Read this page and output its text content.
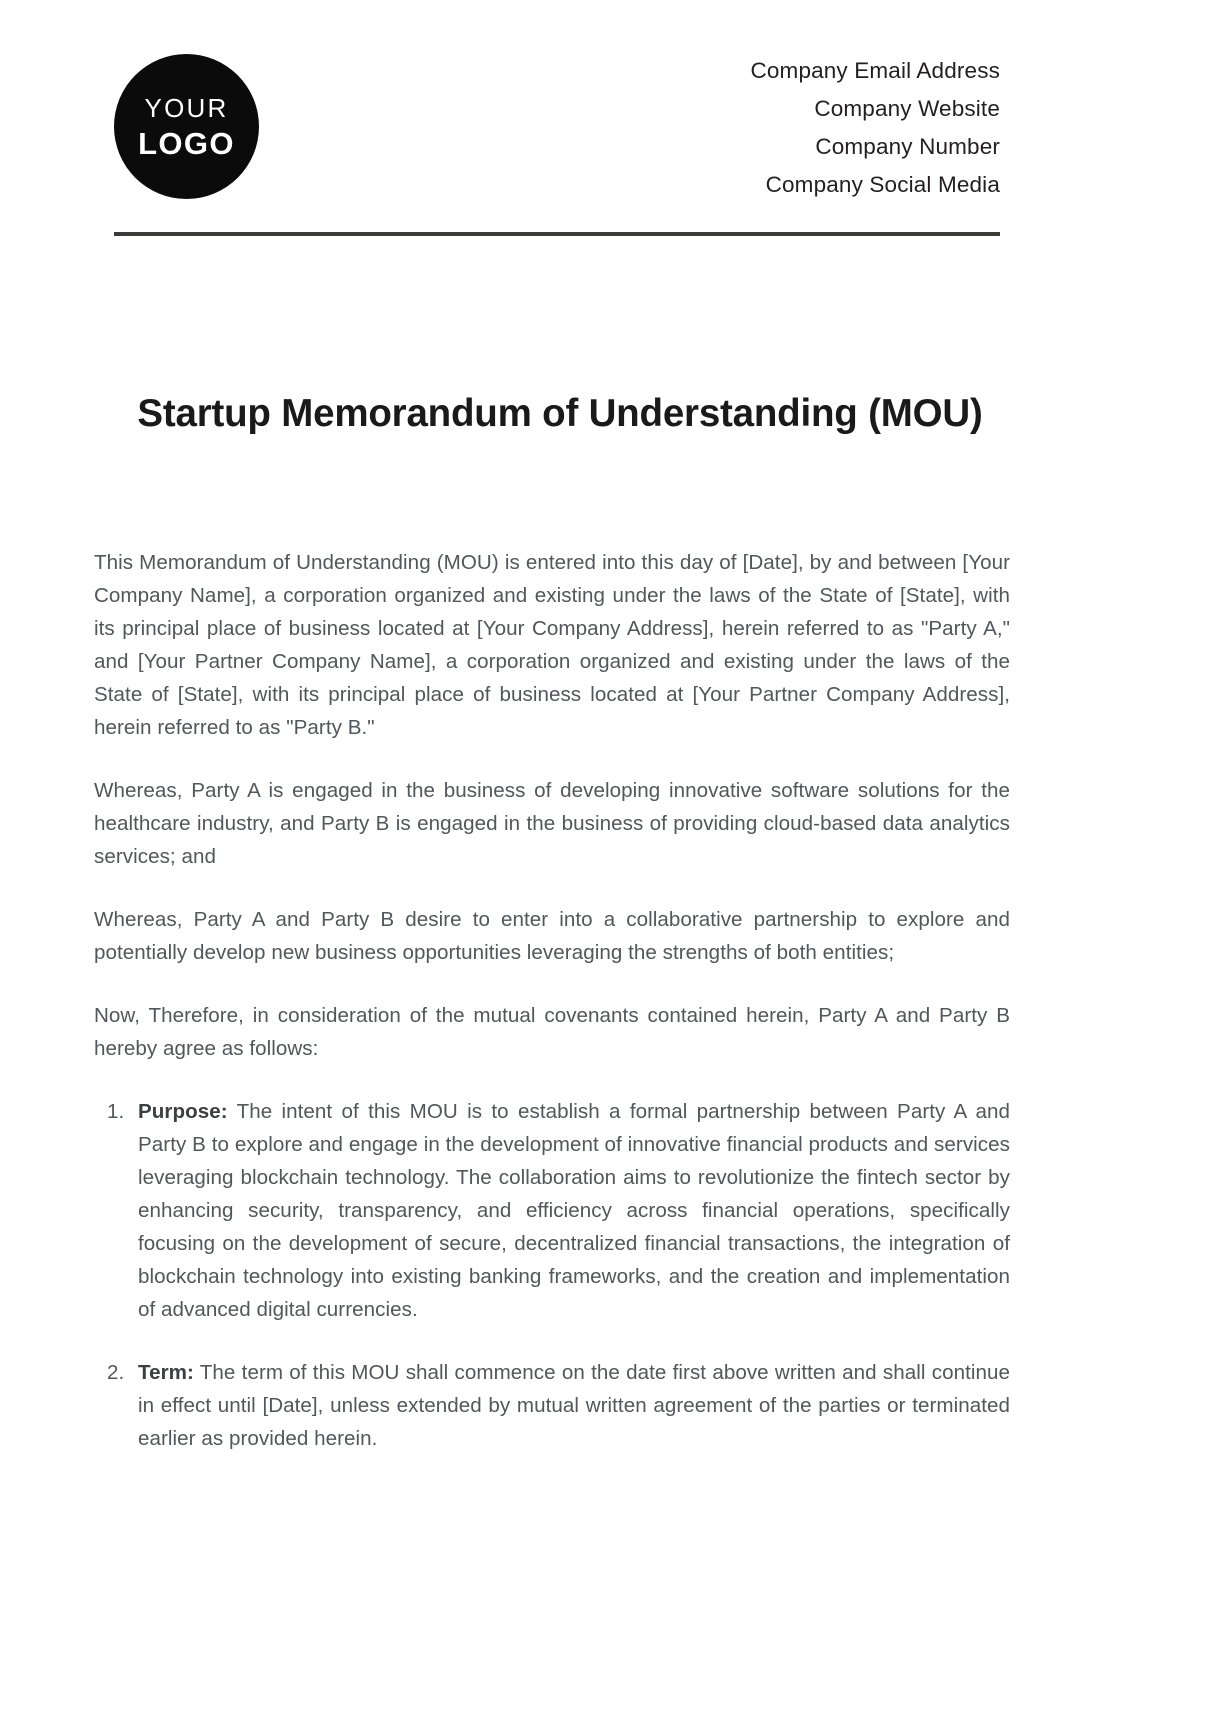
YOUR
LOGO
Company Email Address
Company Website
Company Number
Company Social Media
Startup Memorandum of Understanding (MOU)

This Memorandum of Understanding (MOU) is entered into this day of [Date], by and between [Your Company Name], a corporation organized and existing under the laws of the State of [State], with its principal place of business located at [Your Company Address], herein referred to as "Party A," and [Your Partner Company Name], a corporation organized and existing under the laws of the State of [State], with its principal place of business located at [Your Partner Company Address], herein referred to as "Party B."

Whereas, Party A is engaged in the business of developing innovative software solutions for the healthcare industry, and Party B is engaged in the business of providing cloud-based data analytics services; and

Whereas, Party A and Party B desire to enter into a collaborative partnership to explore and potentially develop new business opportunities leveraging the strengths of both entities;

Now, Therefore, in consideration of the mutual covenants contained herein, Party A and Party B hereby agree as follows:

1. Purpose: The intent of this MOU is to establish a formal partnership between Party A and Party B to explore and engage in the development of innovative financial products and services leveraging blockchain technology. The collaboration aims to revolutionize the fintech sector by enhancing security, transparency, and efficiency across financial operations, specifically focusing on the development of secure, decentralized financial transactions, the integration of blockchain technology into existing banking frameworks, and the creation and implementation of advanced digital currencies.
2. Term: The term of this MOU shall commence on the date first above written and shall continue in effect until [Date], unless extended by mutual written agreement of the parties or terminated earlier as provided herein.
